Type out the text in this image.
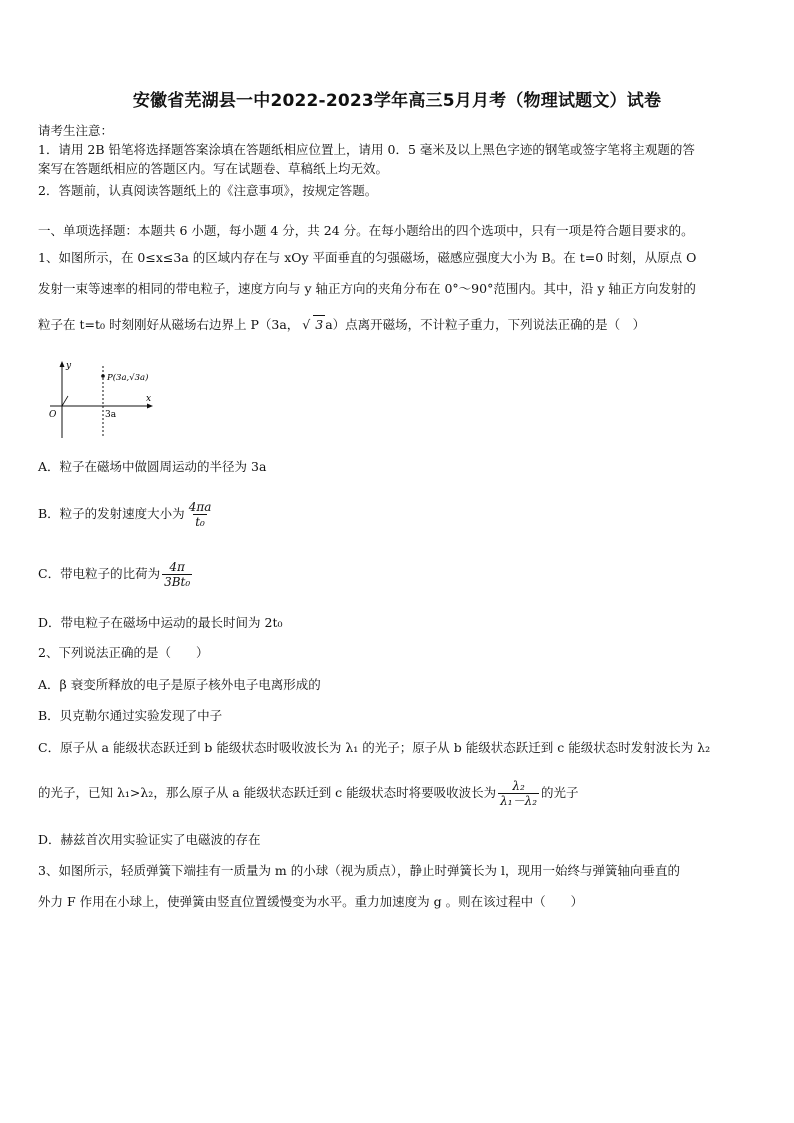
安徽省芜湖县一中2022-2023学年高三5月月考（物理试题文）试卷
请考生注意：
1．请用 2B 铅笔将选择题答案涂填在答题纸相应位置上，请用 0．5 毫米及以上黑色字迹的钢笔或签字笔将主观题的答
案写在答题纸相应的答题区内。写在试题卷、草稿纸上均无效。
2．答题前，认真阅读答题纸上的《注意事项》，按规定答题。
一、单项选择题：本题共 6 小题，每小题 4 分，共 24 分。在每小题给出的四个选项中，只有一项是符合题目要求的。
1、如图所示，在 0≤x≤3a 的区域内存在与 xOy 平面垂直的匀强磁场，磁感应强度大小为 B。在 t=0 时刻，从原点 O
发射一束等速率的相同的带电粒子，速度方向与 y 轴正方向的夹角分布在 0°～90°范围内。其中，沿 y 轴正方向发射的
粒子在 t=t₀ 时刻刚好从磁场右边界上 P（3a， √ 3 a）点离开磁场，不计粒子重力，下列说法正确的是（　）
y
x
O	3a
P(3a,√3a)
A．粒子在磁场中做圆周运动的半径为 3a
B．粒子的发射速度大小为 $\frac{4\pi a}{\text{t₀}}$
C．带电粒子的比荷为 $\frac{4\pi}{\text{3Bt₀}}$
D．带电粒子在磁场中运动的最长时间为 2t₀
2、下列说法正确的是（　　）
A．β 衰变所释放的电子是原子核外电子电离形成的
B．贝克勒尔通过实验发现了中子
C．原子从 a 能级状态跃迁到 b 能级状态时吸收波长为 λ₁ 的光子；原子从 b 能级状态跃迁到 c 能级状态时发射波长为 λ₂
的光子，已知 λ₁>λ₂，那么原子从 a 能级状态跃迁到 c 能级状态时将要吸收波长为 $\frac{\text{λ₂}}{\text{λ₁－λ₂}}$ 的光子
D．赫兹首次用实验证实了电磁波的存在
3、如图所示，轻质弹簧下端挂有一质量为 m 的小球（视为质点），静止时弹簧长为 l，现用一始终与弹簧轴向垂直的
外力 F 作用在小球上，使弹簧由竖直位置缓慢变为水平。重力加速度为 g 。则在该过程中（　　）
